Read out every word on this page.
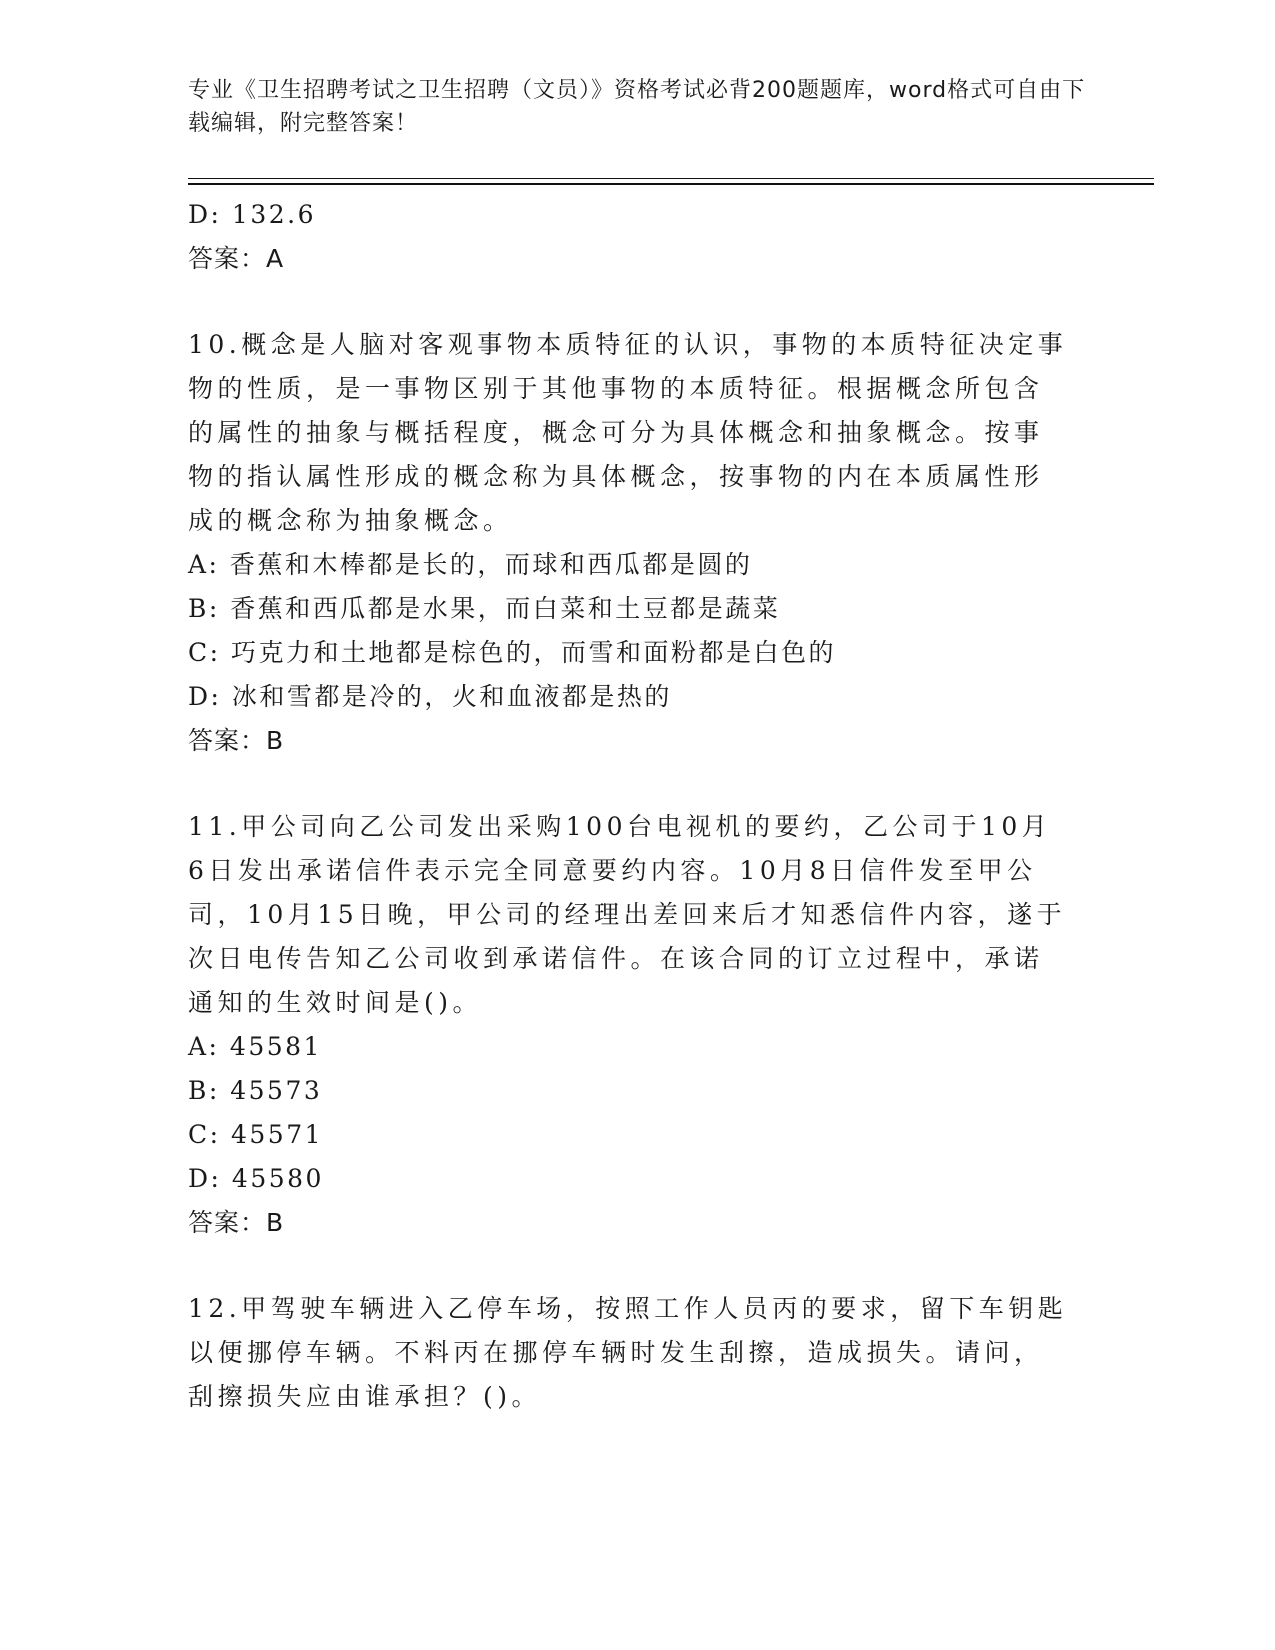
专业《卫生招聘考试之卫生招聘（文员）》资格考试必背200题题库，word格式可自由下载编辑，附完整答案！
D: 132.6
答案：A
10.概念是人脑对客观事物本质特征的认识，事物的本质特征决定事物的性质，是一事物区别于其他事物的本质特征。根据概念所包含的属性的抽象与概括程度，概念可分为具体概念和抽象概念。按事物的指认属性形成的概念称为具体概念，按事物的内在本质属性形成的概念称为抽象概念。
A: 香蕉和木棒都是长的，而球和西瓜都是圆的
B: 香蕉和西瓜都是水果，而白菜和土豆都是蔬菜
C: 巧克力和土地都是棕色的，而雪和面粉都是白色的
D: 冰和雪都是冷的，火和血液都是热的
答案：B
11.甲公司向乙公司发出采购100台电视机的要约，乙公司于10月6日发出承诺信件表示完全同意要约内容。10月8日信件发至甲公司，10月15日晚，甲公司的经理出差回来后才知悉信件内容，遂于次日电传告知乙公司收到承诺信件。在该合同的订立过程中，承诺通知的生效时间是()。
A: 45581
B: 45573
C: 45571
D: 45580
答案：B
12.甲驾驶车辆进入乙停车场，按照工作人员丙的要求，留下车钥匙以便挪停车辆。不料丙在挪停车辆时发生刮擦，造成损失。请问，刮擦损失应由谁承担？()。
